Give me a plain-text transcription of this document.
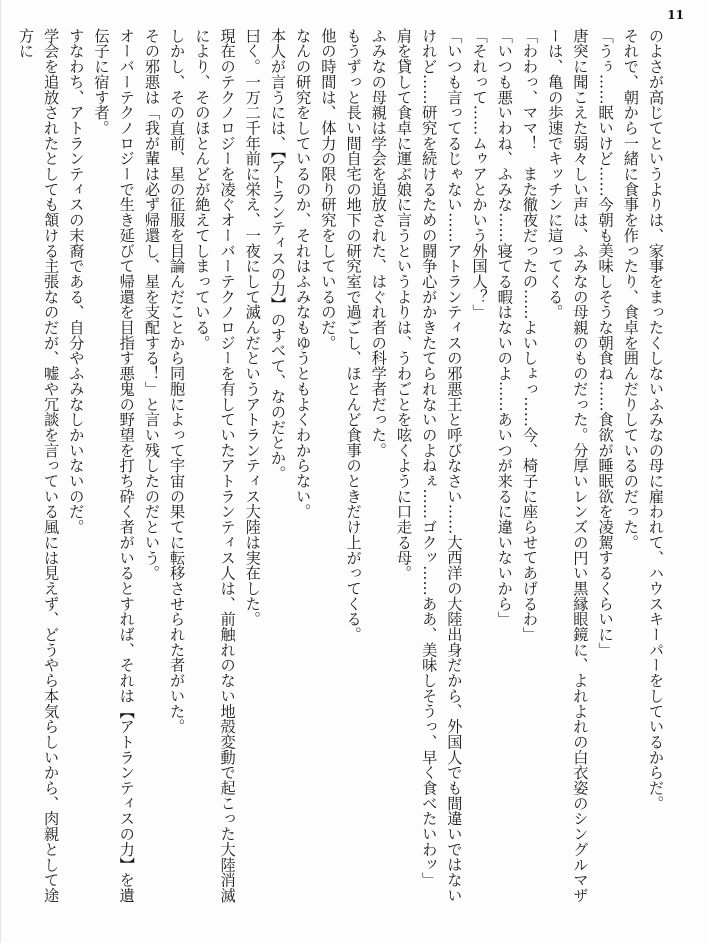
11

のよさが高じてというよりは、家事をまったくしないふみなの母に雇われて、ハウスキーパーをしているからだ。

それで、朝から一緒に食事を作ったり、食卓を囲んだりしているのだった。

「うぅ……眠いけど……今朝も美味しそうな朝食ね……食欲が睡眠欲を凌駕するくらいに」

唐突に聞こえた弱々しい声は、ふみなの母親のものだった。分厚いレンズの円い黒縁眼鏡に、よれよれの白衣姿のシングルマザーは、亀の歩速でキッチンに這ってくる。

「わわっ、ママ！　また徹夜だったの……よいしょっ……今、椅子に座らせてあげるわ」

「いつも悪いわね、ふみな……寝てる暇はないのよ……あいつが来るに違いないから」

「それって……ムゥアとかいう外国人？」

「いつも言ってるじゃない……アトランティスの邪悪王と呼びなさい……大西洋の大陸出身だから、外国人でも間違いではないけれど……研究を続けるための闘争心がかきたてられないのよねぇ……ゴクッ……ああ、美味しそうっ、早く食べたいわッ」

肩を貸して食卓に運ぶ娘に言うというよりは、うわごとを呟くように口走る母。

ふみなの母親は学会を追放された、はぐれ者の科学者だった。

もうずっと長い間自宅の地下の研究室で過ごし、ほとんど食事のときだけ上がってくる。

他の時間は、体力の限り研究をしているのだ。

なんの研究をしているのか、それはふみなもゆうともよくわからない。

本人が言うには、【アトランティスの力】のすべて、なのだとか。

曰く。一万二千年前に栄え、一夜にして滅んだというアトランティス大陸は実在した。

現在のテクノロジーを凌ぐオーバーテクノロジーを有していたアトランティス人は、前触れのない地殻変動で起こった大陸消滅により、そのほとんどが絶えてしまっている。

しかし、その直前、星の征服を目論んだことから同胞によって宇宙の果てに転移させられた者がいた。

その邪悪は「我が輩は必ず帰還し、星を支配する！」と言い残したのだという。

オーバーテクノロジーで生き延びて帰還を目指す悪鬼の野望を打ち砕く者がいるとすれば、それは【アトランティスの力】を遺伝子に宿す者。

すなわち、アトランティスの末裔である、自分やふみなしかいないのだ。

学会を追放されたとしても頷ける主張なのだが、嘘や冗談を言っている風には見えず、どうやら本気らしいから、肉親として途方に
